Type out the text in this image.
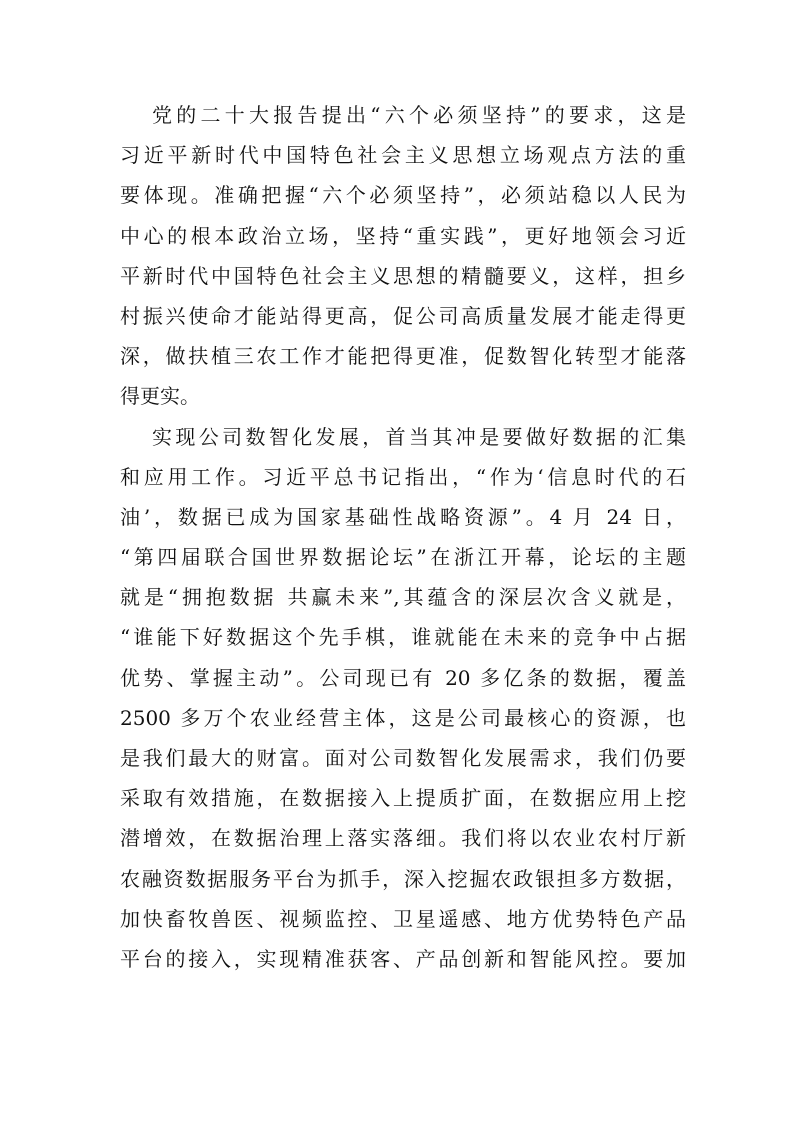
党的二十大报告提出“六个必须坚持”的要求，这是
习近平新时代中国特色社会主义思想立场观点方法的重
要体现。准确把握“六个必须坚持”，必须站稳以人民为
中心的根本政治立场，坚持“重实践”，更好地领会习近
平新时代中国特色社会主义思想的精髓要义，这样，担乡
村振兴使命才能站得更高，促公司高质量发展才能走得更
深，做扶植三农工作才能把得更准，促数智化转型才能落
得更实。
实现公司数智化发展，首当其冲是要做好数据的汇集
和应用工作。习近平总书记指出，“作为‘信息时代的石
油’，数据已成为国家基础性战略资源”。4 月 24 日，
“第四届联合国世界数据论坛”在浙江开幕，论坛的主题
就是“拥抱数据 共赢未来”,其蕴含的深层次含义就是，
“谁能下好数据这个先手棋，谁就能在未来的竞争中占据
优势、掌握主动”。公司现已有 20 多亿条的数据，覆盖
2500 多万个农业经营主体，这是公司最核心的资源，也
是我们最大的财富。面对公司数智化发展需求，我们仍要
采取有效措施，在数据接入上提质扩面，在数据应用上挖
潜增效，在数据治理上落实落细。我们将以农业农村厅新
农融资数据服务平台为抓手，深入挖掘农政银担多方数据，
加快畜牧兽医、视频监控、卫星遥感、地方优势特色产品
平台的接入，实现精准获客、产品创新和智能风控。要加
